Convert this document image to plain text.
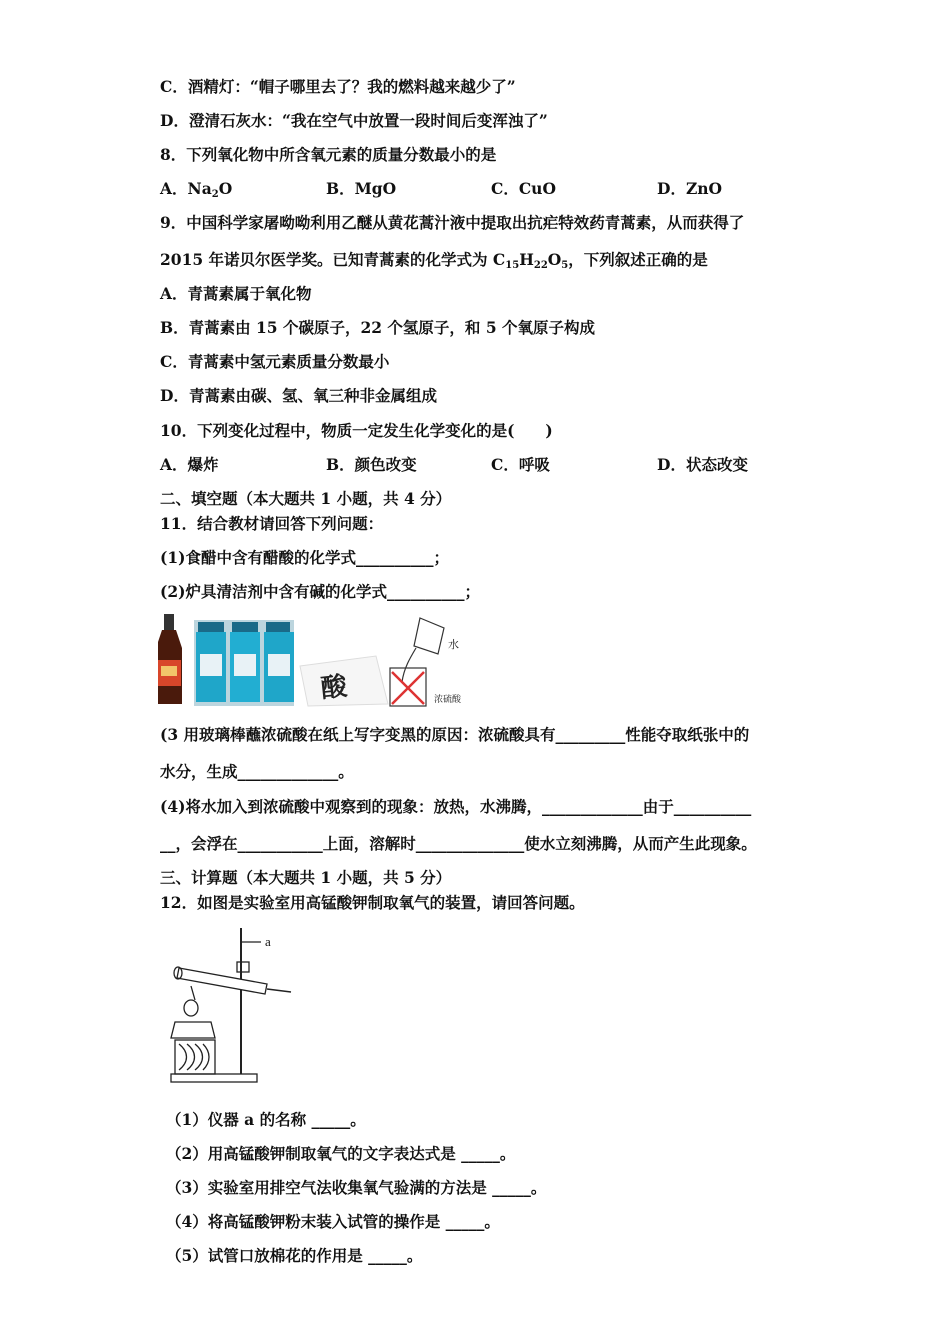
C．酒精灯：“帽子哪里去了？我的燃料越来越少了”
D．澄清石灰水：“我在空气中放置一段时间后变浑浊了”
8．下列氧化物中所含氧元素的质量分数最小的是
A．$Na_2O$	B．MgO	C．CuO	D．ZnO
9．中国科学家屠呦呦利用乙醚从黄花蒿汁液中提取出抗疟特效药青蒿素，从而获得了
2015 年诺贝尔医学奖。已知青蒿素的化学式为 $C_{15}H_{22}O_5$，下列叙述正确的是
A．青蒿素属于氧化物
B．青蒿素由 15 个碳原子，22 个氢原子，和 5 个氧原子构成
C．青蒿素中氢元素质量分数最小
D．青蒿素由碳、氢、氧三种非金属组成
10．下列变化过程中，物质一定发生化学变化的是(　　)
A．爆炸	B．颜色改变	C．呼吸	D．状态改变
二、填空题（本大题共 1 小题，共 4 分）
11．结合教材请回答下列问题：
(1)食醋中含有醋酸的化学式__________；
(2)炉具清洁剂中含有碱的化学式__________；
酸
水
浓硫酸
(3 用玻璃棒蘸浓硫酸在纸上写字变黑的原因：浓硫酸具有_________性能夺取纸张中的
水分，生成_____________。
(4)将水加入到浓硫酸中观察到的现象：放热，水沸腾，_____________由于__________
__，会浮在___________上面，溶解时______________使水立刻沸腾，从而产生此现象。
三、计算题（本大题共 1 小题，共 5 分）
12．如图是实验室用高锰酸钾制取氧气的装置，请回答问题。
a
（1）仪器 a 的名称 _____。
（2）用高锰酸钾制取氧气的文字表达式是 _____。
（3）实验室用排空气法收集氧气验满的方法是 _____。
（4）将高锰酸钾粉末装入试管的操作是 _____。
（5）试管口放棉花的作用是 _____。
